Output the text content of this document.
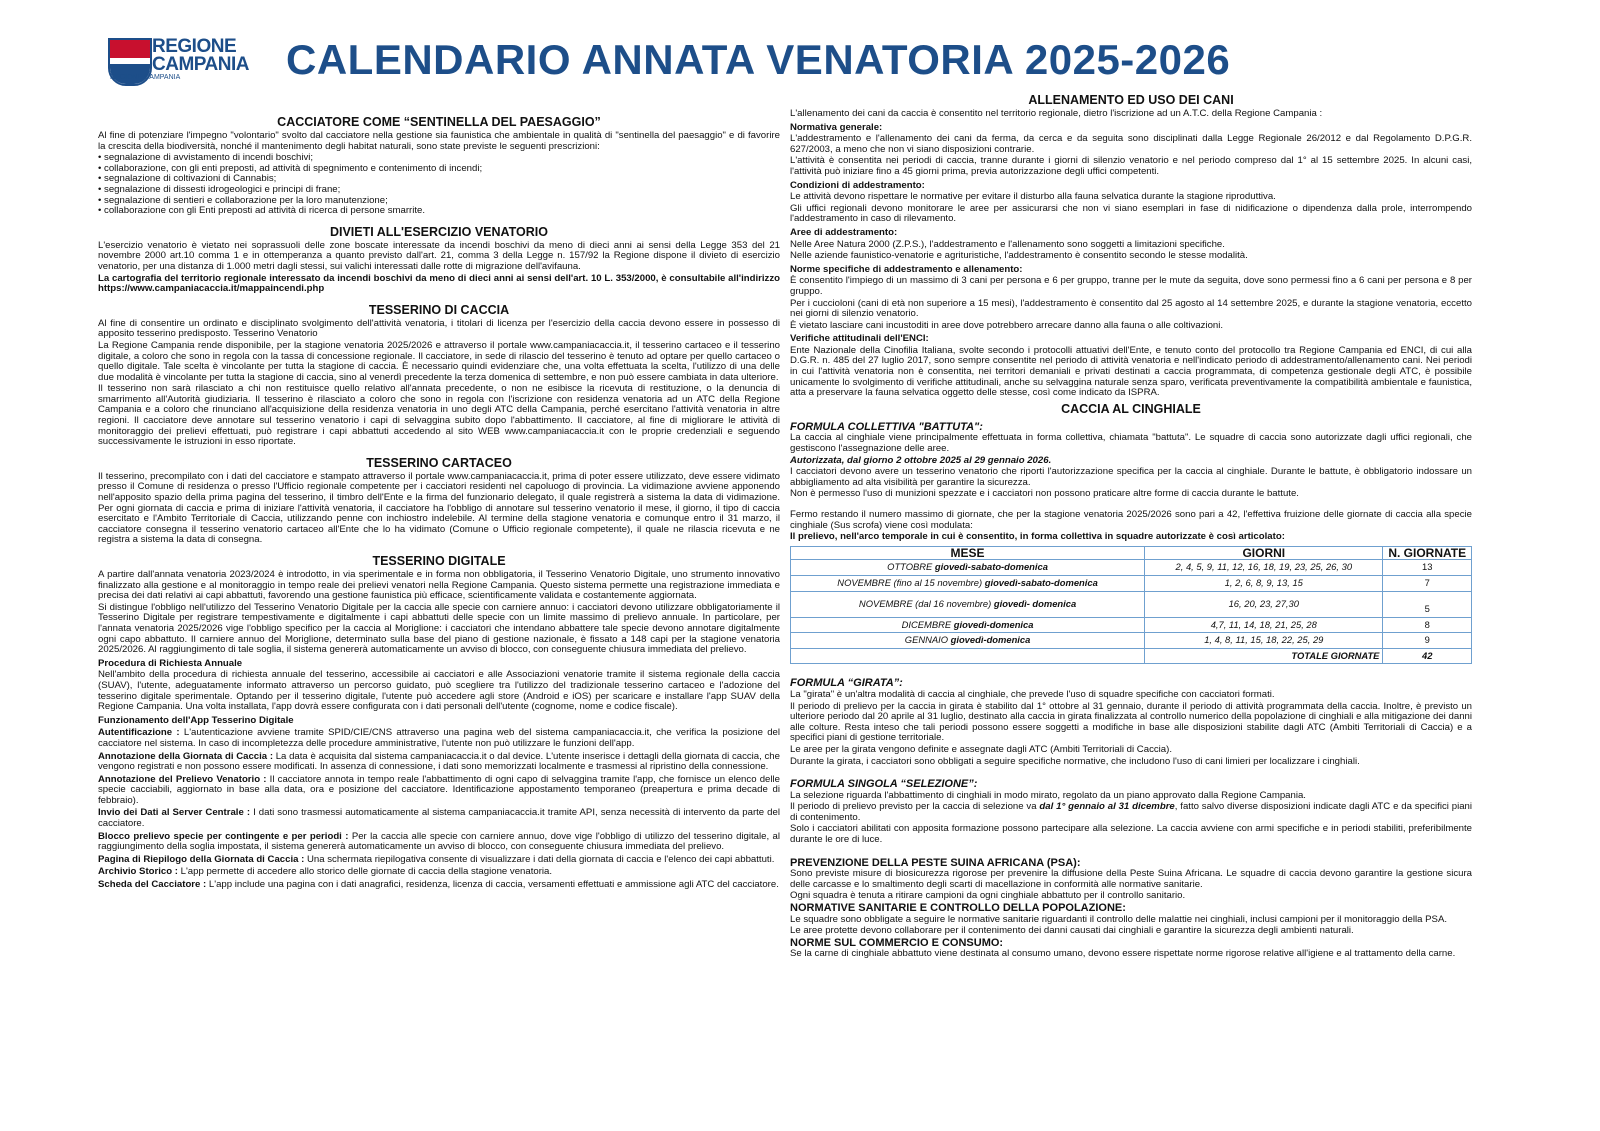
REGIONE
CAMPANIA
REGIONE CAMPANIA	CALENDARIO ANNATA VENATORIA 2025-2026
CACCIATORE COME “SENTINELLA DEL PAESAGGIO”

Al fine di potenziare l'impegno "volontario" svolto dal cacciatore nella gestione sia faunistica che ambientale in qualità di "sentinella del paesaggio" e di favorire la crescita della biodiversità, nonché il mantenimento degli habitat naturali, sono state previste le seguenti prescrizioni:

• segnalazione di avvistamento di incendi boschivi;
• collaborazione, con gli enti preposti, ad attività di spegnimento e contenimento di incendi;
• segnalazione di coltivazioni di Cannabis;
• segnalazione di dissesti idrogeologici e principi di frane;
• segnalazione di sentieri e collaborazione per la loro manutenzione;
• collaborazione con gli Enti preposti ad attività di ricerca di persone smarrite.
DIVIETI ALL'ESERCIZIO VENATORIO

L'esercizio venatorio è vietato nei soprassuoli delle zone boscate interessate da incendi boschivi da meno di dieci anni ai sensi della Legge 353 del 21 novembre 2000 art.10 comma 1 e in ottemperanza a quanto previsto dall'art. 21, comma 3 della Legge n. 157/92 la Regione dispone il divieto di esercizio venatorio, per una distanza di 1.000 metri dagli stessi, sui valichi interessati dalle rotte di migrazione dell'avifauna.

La cartografia del territorio regionale interessato da incendi boschivi da meno di dieci anni ai sensi dell'art. 10 L. 353/2000, è consultabile all'indirizzo https://www.campaniacaccia.it/mappaincendi.php

TESSERINO DI CACCIA

Al fine di consentire un ordinato e disciplinato svolgimento dell'attività venatoria, i titolari di licenza per l'esercizio della caccia devono essere in possesso di apposito tesserino predisposto. Tesserino Venatorio

La Regione Campania rende disponibile, per la stagione venatoria 2025/2026 e attraverso il portale www.campaniacaccia.it, il tesserino cartaceo e il tesserino digitale, a coloro che sono in regola con la tassa di concessione regionale. Il cacciatore, in sede di rilascio del tesserino è tenuto ad optare per quello cartaceo o quello digitale. Tale scelta è vincolante per tutta la stagione di caccia. È necessario quindi evidenziare che, una volta effettuata la scelta, l'utilizzo di una delle due modalità è vincolante per tutta la stagione di caccia, sino al venerdì precedente la terza domenica di settembre, e non può essere cambiata in data ulteriore.

Il tesserino non sarà rilasciato a chi non restituisce quello relativo all'annata precedente, o non ne esibisce la ricevuta di restituzione, o la denuncia di smarrimento all'Autorità giudiziaria. Il tesserino è rilasciato a coloro che sono in regola con l'iscrizione con residenza venatoria ad un ATC della Regione Campania e a coloro che rinunciano all'acquisizione della residenza venatoria in uno degli ATC della Campania, perché esercitano l'attività venatoria in altre regioni. Il cacciatore deve annotare sul tesserino venatorio i capi di selvaggina subito dopo l'abbattimento. Il cacciatore, al fine di migliorare le attività di monitoraggio dei prelievi effettuati, può registrare i capi abbattuti accedendo al sito WEB www.campaniacaccia.it con le proprie credenziali e seguendo successivamente le istruzioni in esso riportate.

TESSERINO CARTACEO

Il tesserino, precompilato con i dati del cacciatore e stampato attraverso il portale www.campaniacaccia.it, prima di poter essere utilizzato, deve essere vidimato presso il Comune di residenza o presso l'Ufficio regionale competente per i cacciatori residenti nel capoluogo di provincia. La vidimazione avviene apponendo nell'apposito spazio della prima pagina del tesserino, il timbro dell'Ente e la firma del funzionario delegato, il quale registrerà a sistema la data di vidimazione. Per ogni giornata di caccia e prima di iniziare l'attività venatoria, il cacciatore ha l'obbligo di annotare sul tesserino venatorio il mese, il giorno, il tipo di caccia esercitato e l'Ambito Territoriale di Caccia, utilizzando penne con inchiostro indelebile. Al termine della stagione venatoria e comunque entro il 31 marzo, il cacciatore consegna il tesserino venatorio cartaceo all'Ente che lo ha vidimato (Comune o Ufficio regionale competente), il quale ne rilascia ricevuta e ne registra a sistema la data di consegna.

TESSERINO DIGITALE

A partire dall'annata venatoria 2023/2024 è introdotto, in via sperimentale e in forma non obbligatoria, il Tesserino Venatorio Digitale, uno strumento innovativo finalizzato alla gestione e al monitoraggio in tempo reale dei prelievi venatori nella Regione Campania. Questo sistema permette una registrazione immediata e precisa dei dati relativi ai capi abbattuti, favorendo una gestione faunistica più efficace, scientificamente validata e costantemente aggiornata.

Si distingue l'obbligo nell'utilizzo del Tesserino Venatorio Digitale per la caccia alle specie con carniere annuo: i cacciatori devono utilizzare obbligatoriamente il Tesserino Digitale per registrare tempestivamente e digitalmente i capi abbattuti delle specie con un limite massimo di prelievo annuale. In particolare, per l'annata venatoria 2025/2026 vige l'obbligo specifico per la caccia al Moriglione: i cacciatori che intendano abbattere tale specie devono annotare digitalmente ogni capo abbattuto. Il carniere annuo del Moriglione, determinato sulla base del piano di gestione nazionale, è fissato a 148 capi per la stagione venatoria 2025/2026. Al raggiungimento di tale soglia, il sistema genererà automaticamente un avviso di blocco, con conseguente chiusura immediata del prelievo.

Procedura di Richiesta Annuale

Nell'ambito della procedura di richiesta annuale del tesserino, accessibile ai cacciatori e alle Associazioni venatorie tramite il sistema regionale della caccia (SUAV), l'utente, adeguatamente informato attraverso un percorso guidato, può scegliere tra l'utilizzo del tradizionale tesserino cartaceo e l'adozione del tesserino digitale sperimentale. Optando per il tesserino digitale, l'utente può accedere agli store (Android e iOS) per scaricare e installare l'app SUAV della Regione Campania. Una volta installata, l'app dovrà essere configurata con i dati personali dell'utente (cognome, nome e codice fiscale).

Funzionamento dell'App Tesserino Digitale

Autentificazione : L'autenticazione avviene tramite SPID/CIE/CNS attraverso una pagina web del sistema campaniacaccia.it, che verifica la posizione del cacciatore nel sistema. In caso di incompletezza delle procedure amministrative, l'utente non può utilizzare le funzioni dell'app.

Annotazione della Giornata di Caccia : La data è acquisita dal sistema campaniacaccia.it o dal device. L'utente inserisce i dettagli della giornata di caccia, che vengono registrati e non possono essere modificati. In assenza di connessione, i dati sono memorizzati localmente e trasmessi al ripristino della connessione.

Annotazione del Prelievo Venatorio : Il cacciatore annota in tempo reale l'abbattimento di ogni capo di selvaggina tramite l'app, che fornisce un elenco delle specie cacciabili, aggiornato in base alla data, ora e posizione del cacciatore. Identificazione appostamento temporaneo (preapertura e prima decade di febbraio).

Invio dei Dati al Server Centrale : I dati sono trasmessi automaticamente al sistema campaniacaccia.it tramite API, senza necessità di intervento da parte del cacciatore.

Blocco prelievo specie per contingente e per periodi : Per la caccia alle specie con carniere annuo, dove vige l'obbligo di utilizzo del tesserino digitale, al raggiungimento della soglia impostata, il sistema genererà automaticamente un avviso di blocco, con conseguente chiusura immediata del prelievo.

Pagina di Riepilogo della Giornata di Caccia : Una schermata riepilogativa consente di visualizzare i dati della giornata di caccia e l'elenco dei capi abbattuti.

Archivio Storico : L'app permette di accedere allo storico delle giornate di caccia della stagione venatoria.

Scheda del Cacciatore : L'app include una pagina con i dati anagrafici, residenza, licenza di caccia, versamenti effettuati e ammissione agli ATC del cacciatore.

ALLENAMENTO ED USO DEI CANI

L'allenamento dei cani da caccia è consentito nel territorio regionale, dietro l'iscrizione ad un A.T.C. della Regione Campania :

Normativa generale:

L'addestramento e l'allenamento dei cani da ferma, da cerca e da seguita sono disciplinati dalla Legge Regionale 26/2012 e dal Regolamento D.P.G.R. 627/2003, a meno che non vi siano disposizioni contrarie.

L'attività è consentita nei periodi di caccia, tranne durante i giorni di silenzio venatorio e nel periodo compreso dal 1° al 15 settembre 2025. In alcuni casi, l'attività può iniziare fino a 45 giorni prima, previa autorizzazione degli uffici competenti.

Condizioni di addestramento:

Le attività devono rispettare le normative per evitare il disturbo alla fauna selvatica durante la stagione riproduttiva.

Gli uffici regionali devono monitorare le aree per assicurarsi che non vi siano esemplari in fase di nidificazione o dipendenza dalla prole, interrompendo l'addestramento in caso di rilevamento.

Aree di addestramento:

Nelle Aree Natura 2000 (Z.P.S.), l'addestramento e l'allenamento sono soggetti a limitazioni specifiche.

Nelle aziende faunistico-venatorie e agrituristiche, l'addestramento è consentito secondo le stesse modalità.

Norme specifiche di addestramento e allenamento:

È consentito l'impiego di un massimo di 3 cani per persona e 6 per gruppo, tranne per le mute da seguita, dove sono permessi fino a 6 cani per persona e 8 per gruppo.

Per i cuccioloni (cani di età non superiore a 15 mesi), l'addestramento è consentito dal 25 agosto al 14 settembre 2025, e durante la stagione venatoria, eccetto nei giorni di silenzio venatorio.

È vietato lasciare cani incustoditi in aree dove potrebbero arrecare danno alla fauna o alle coltivazioni.

Verifiche attitudinali dell'ENCI:

Ente Nazionale della Cinofilia Italiana, svolte secondo i protocolli attuativi dell'Ente, e tenuto conto del protocollo tra Regione Campania ed ENCI, di cui alla D.G.R. n. 485 del 27 luglio 2017, sono sempre consentite nel periodo di attività venatoria e nell'indicato periodo di addestramento/allenamento cani. Nei periodi in cui l'attività venatoria non è consentita, nei territori demaniali e privati destinati a caccia programmata, di competenza gestionale degli ATC, è possibile unicamente lo svolgimento di verifiche attitudinali, anche su selvaggina naturale senza sparo, verificata preventivamente la compatibilità ambientale e faunistica, atta a preservare la fauna selvatica oggetto delle stesse, così come indicato da ISPRA.

CACCIA AL CINGHIALE

FORMULA COLLETTIVA "BATTUTA":

La caccia al cinghiale viene principalmente effettuata in forma collettiva, chiamata "battuta". Le squadre di caccia sono autorizzate dagli uffici regionali, che gestiscono l'assegnazione delle aree.

Autorizzata, dal giorno 2 ottobre 2025 al 29 gennaio 2026.

I cacciatori devono avere un tesserino venatorio che riporti l'autorizzazione specifica per la caccia al cinghiale. Durante le battute, è obbligatorio indossare un abbigliamento ad alta visibilità per garantire la sicurezza.

Non è permesso l'uso di munizioni spezzate e i cacciatori non possono praticare altre forme di caccia durante le battute.

Fermo restando il numero massimo di giornate, che per la stagione venatoria 2025/2026 sono pari a 42, l'effettiva fruizione delle giornate di caccia alla specie cinghiale (Sus scrofa) viene così modulata:

Il prelievo, nell'arco temporale in cui è consentito, in forma collettiva in squadre autorizzate è così articolato:

MESE	GIORNI	N. GIORNATE
OTTOBRE giovedì-sabato-domenica	2, 4, 5, 9, 11, 12, 16, 18, 19, 23, 25, 26, 30	13
NOVEMBRE (fino al 15 novembre) giovedì-sabato-domenica	1, 2, 6, 8, 9, 13, 15	7
NOVEMBRE (dal 16 novembre) giovedì- domenica	16, 20, 23, 27,30	5
DICEMBRE giovedì-domenica	4,7, 11, 14, 18, 21, 25, 28	8
GENNAIO giovedì-domenica	1, 4, 8, 11, 15, 18, 22, 25, 29	9
	TOTALE GIORNATE	42

FORMULA “GIRATA”:

La "girata" è un'altra modalità di caccia al cinghiale, che prevede l'uso di squadre specifiche con cacciatori formati.

Il periodo di prelievo per la caccia in girata è stabilito dal 1° ottobre al 31 gennaio, durante il periodo di attività programmata della caccia. Inoltre, è previsto un ulteriore periodo dal 20 aprile al 31 luglio, destinato alla caccia in girata finalizzata al controllo numerico della popolazione di cinghiali e alla mitigazione dei danni alle colture. Resta inteso che tali periodi possono essere soggetti a modifiche in base alle disposizioni stabilite dagli ATC (Ambiti Territoriali di Caccia) e a specifici piani di gestione territoriale.

Le aree per la girata vengono definite e assegnate dagli ATC (Ambiti Territoriali di Caccia).

Durante la girata, i cacciatori sono obbligati a seguire specifiche normative, che includono l'uso di cani limieri per localizzare i cinghiali.

FORMULA SINGOLA “SELEZIONE”:

La selezione riguarda l'abbattimento di cinghiali in modo mirato, regolato da un piano approvato dalla Regione Campania.

Il periodo di prelievo previsto per la caccia di selezione va dal 1° gennaio al 31 dicembre, fatto salvo diverse disposizioni indicate dagli ATC e da specifici piani di contenimento.

Solo i cacciatori abilitati con apposita formazione possono partecipare alla selezione. La caccia avviene con armi specifiche e in periodi stabiliti, preferibilmente durante le ore di luce.

PREVENZIONE DELLA PESTE SUINA AFRICANA (PSA):

Sono previste misure di biosicurezza rigorose per prevenire la diffusione della Peste Suina Africana. Le squadre di caccia devono garantire la gestione sicura delle carcasse e lo smaltimento degli scarti di macellazione in conformità alle normative sanitarie.

Ogni squadra è tenuta a ritirare campioni da ogni cinghiale abbattuto per il controllo sanitario.

NORMATIVE SANITARIE E CONTROLLO DELLA POPOLAZIONE:

Le squadre sono obbligate a seguire le normative sanitarie riguardanti il controllo delle malattie nei cinghiali, inclusi campioni per il monitoraggio della PSA.

Le aree protette devono collaborare per il contenimento dei danni causati dai cinghiali e garantire la sicurezza degli ambienti naturali.

NORME SUL COMMERCIO E CONSUMO:

Se la carne di cinghiale abbattuto viene destinata al consumo umano, devono essere rispettate norme rigorose relative all'igiene e al trattamento della carne.
